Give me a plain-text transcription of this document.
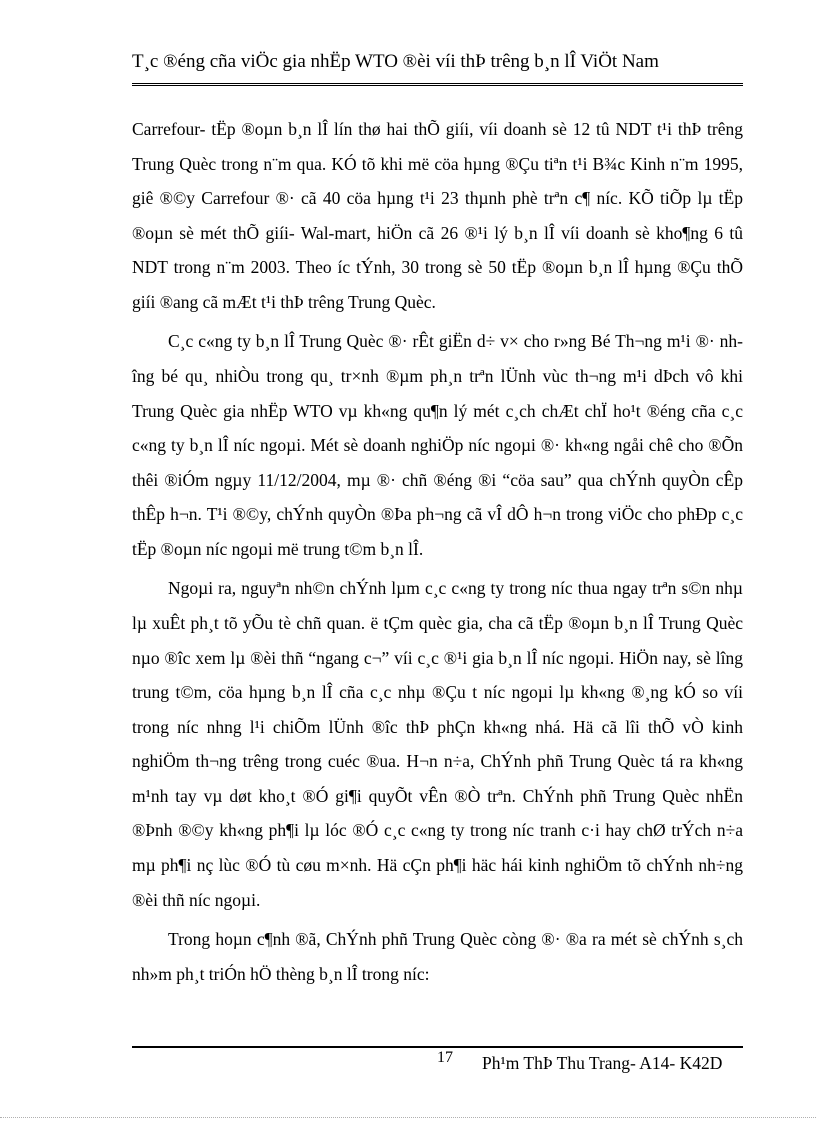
T¸c ®éng cña viÖc gia nhËp WTO ®èi víi thÞ trêng b¸n lÎ ViÖt Nam

Carrefour- tËp ®oµn b¸n lÎ lín thø hai thÕ giíi, víi doanh sè 12 tû NDT t¹i thÞ trêng Trung Quèc trong n¨m qua. KÓ tõ khi më cöa hµng ®Çu tiªn t¹i B¾c Kinh n¨m 1995, giê ®©y Carrefour ®· cã 40 cöa hµng t¹i 23 thµnh phè trªn c¶ níc. KÕ tiÕp lµ tËp ®oµn sè mét thÕ giíi- Wal-mart, hiÖn cã 26 ®¹i lý b¸n lÎ víi doanh sè kho¶ng 6 tû NDT trong n¨m 2003. Theo íc tÝnh, 30 trong sè 50 tËp ®oµn b¸n lÎ hµng ®Çu thÕ giíi ®ang cã mÆt t¹i thÞ trêng Trung Quèc.

C¸c c«ng ty b¸n lÎ Trung Quèc ®· rÊt giËn d÷ v× cho r»ng Bé Th¬ng m¹i ®· nhîng bé qu¸ nhiÒu trong qu¸ tr×nh ®µm ph¸n trªn lÜnh vùc th¬ng m¹i dÞch vô khi Trung Quèc gia nhËp WTO vµ kh«ng qu¶n lý mét c¸ch chÆt chÏ ho¹t ®éng cña c¸c c«ng ty b¸n lÎ níc ngoµi. Mét sè doanh nghiÖp níc ngoµi ®· kh«ng ngåi chê cho ®Õn thêi ®iÓm ngµy 11/12/2004, mµ ®· chñ ®éng ®i “cöa sau” qua chÝnh quyÒn cÊp thÊp h¬n. T¹i ®©y, chÝnh quyÒn ®Þa ph¬ng cã vÎ dÔ h¬n trong viÖc cho phÐp c¸c tËp ®oµn níc ngoµi më trung t©m b¸n lÎ.

Ngoµi ra, nguyªn nh©n chÝnh lµm c¸c c«ng ty trong níc thua ngay trªn s©n nhµ lµ xuÊt ph¸t tõ yÕu tè chñ quan. ë tÇm quèc gia, cha cã tËp ®oµn b¸n lÎ Trung Quèc nµo ®îc xem lµ ®èi thñ “ngang c¬” víi c¸c ®¹i gia b¸n lÎ níc ngoµi. HiÖn nay, sè lîng trung t©m, cöa hµng b¸n lÎ cña c¸c nhµ ®Çu t níc ngoµi lµ kh«ng ®¸ng kÓ so víi trong níc nhng l¹i chiÕm lÜnh ®îc thÞ phÇn kh«ng nhá. Hä cã lîi thÕ vÒ kinh nghiÖm th¬ng trêng trong cuéc ®ua. H¬n n÷a, ChÝnh phñ Trung Quèc tá ra kh«ng m¹nh tay vµ døt kho¸t ®Ó gi¶i quyÕt vÊn ®Ò trªn. ChÝnh phñ Trung Quèc nhËn ®Þnh ®©y kh«ng ph¶i lµ lóc ®Ó c¸c c«ng ty trong níc tranh c·i hay chØ trÝch n÷a mµ ph¶i nç lùc ®Ó tù cøu m×nh. Hä cÇn ph¶i häc hái kinh nghiÖm tõ chÝnh nh÷ng ®èi thñ níc ngoµi.

Trong hoµn c¶nh ®ã, ChÝnh phñ Trung Quèc còng ®· ®a ra mét sè chÝnh s¸ch nh»m ph¸t triÓn hÖ thèng b¸n lÎ trong níc:

17 Ph¹m ThÞ Thu Trang- A14- K42D
